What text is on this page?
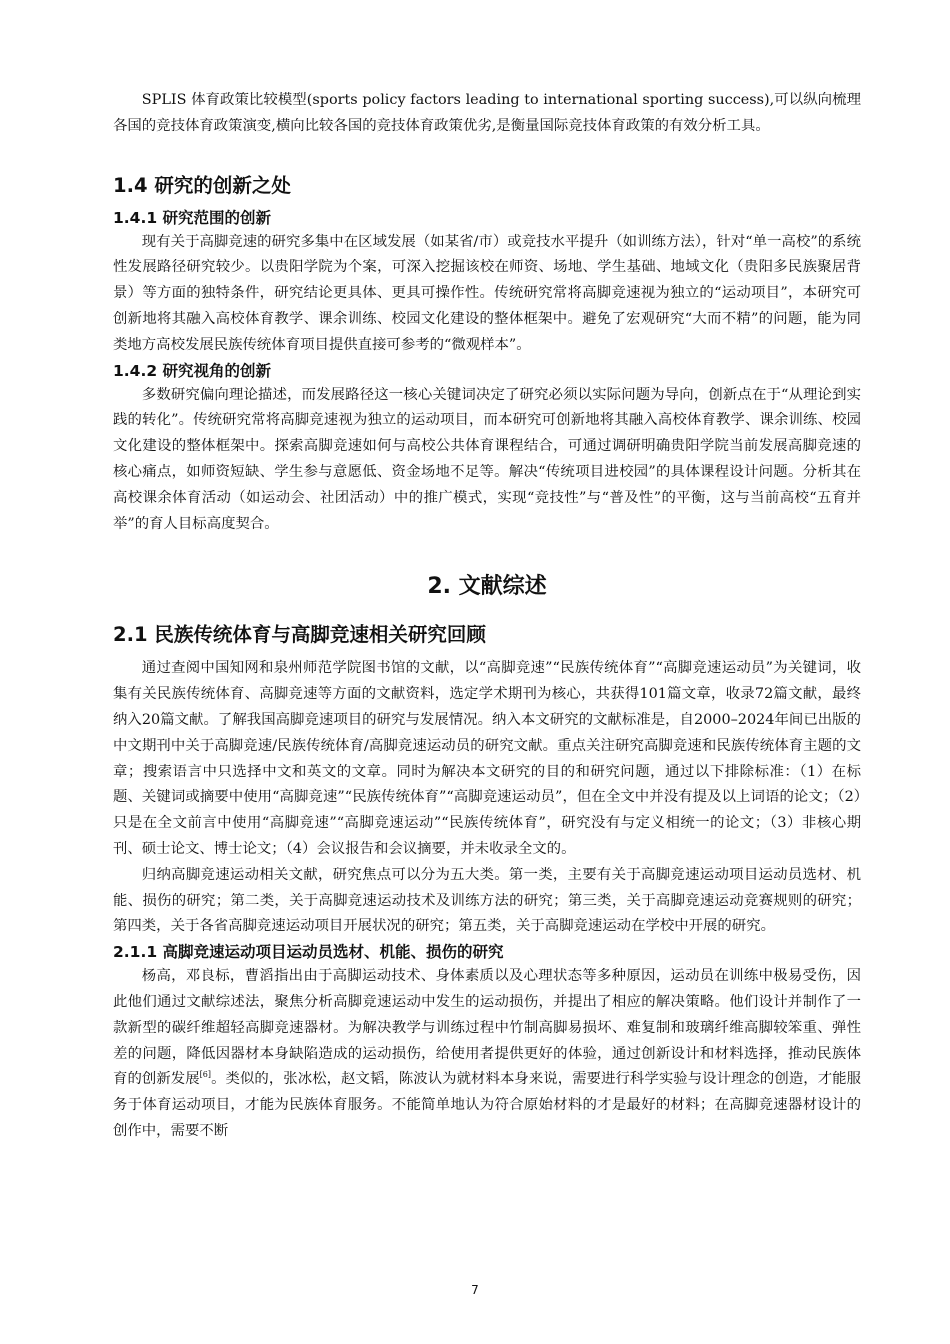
SPLIS 体育政策比较模型(sports policy factors leading to international sporting success),可以纵向梳理各国的竞技体育政策演变,横向比较各国的竞技体育政策优劣,是衡量国际竞技体育政策的有效分析工具。

1.4 研究的创新之处
1.4.1 研究范围的创新

现有关于高脚竞速的研究多集中在区域发展（如某省/市）或竞技水平提升（如训练方法），针对“单一高校”的系统性发展路径研究较少。以贵阳学院为个案，可深入挖掘该校在师资、场地、学生基础、地域文化（贵阳多民族聚居背景）等方面的独特条件，研究结论更具体、更具可操作性。传统研究常将高脚竞速视为独立的“运动项目”，本研究可创新地将其融入高校体育教学、课余训练、校园文化建设的整体框架中。避免了宏观研究“大而不精”的问题，能为同类地方高校发展民族传统体育项目提供直接可参考的“微观样本”。

1.4.2 研究视角的创新

多数研究偏向理论描述，而发展路径这一核心关键词决定了研究必须以实际问题为导向，创新点在于“从理论到实践的转化”。传统研究常将高脚竞速视为独立的运动项目，而本研究可创新地将其融入高校体育教学、课余训练、校园文化建设的整体框架中。探索高脚竞速如何与高校公共体育课程结合，可通过调研明确贵阳学院当前发展高脚竞速的核心痛点，如师资短缺、学生参与意愿低、资金场地不足等。解决“传统项目进校园”的具体课程设计问题。分析其在高校课余体育活动（如运动会、社团活动）中的推广模式，实现“竞技性”与“普及性”的平衡，这与当前高校“五育并举”的育人目标高度契合。

2. 文献综述
2.1 民族传统体育与高脚竞速相关研究回顾

通过查阅中国知网和泉州师范学院图书馆的文献，以“高脚竞速”“民族传统体育”“高脚竞速运动员”为关键词，收集有关民族传统体育、高脚竞速等方面的文献资料，选定学术期刊为核心，共获得101篇文章，收录72篇文献，最终纳入20篇文献。了解我国高脚竞速项目的研究与发展情况。纳入本文研究的文献标准是，自2000–2024年间已出版的中文期刊中关于高脚竞速/民族传统体育/高脚竞速运动员的研究文献。重点关注研究高脚竞速和民族传统体育主题的文章；搜索语言中只选择中文和英文的文章。同时为解决本文研究的目的和研究问题，通过以下排除标准：（1）在标题、关键词或摘要中使用“高脚竞速”“民族传统体育”“高脚竞速运动员”，但在全文中并没有提及以上词语的论文；（2）只是在全文前言中使用“高脚竞速”“高脚竞速运动”“民族传统体育”，研究没有与定义相统一的论文；（3）非核心期刊、硕士论文、博士论文；（4）会议报告和会议摘要，并未收录全文的。

归纳高脚竞速运动相关文献，研究焦点可以分为五大类。第一类，主要有关于高脚竞速运动项目运动员选材、机能、损伤的研究；第二类，关于高脚竞速运动技术及训练方法的研究；第三类，关于高脚竞速运动竞赛规则的研究；第四类，关于各省高脚竞速运动项目开展状况的研究；第五类，关于高脚竞速运动在学校中开展的研究。

2.1.1 高脚竞速运动项目运动员选材、机能、损伤的研究

杨高，邓良标，曹滔指出由于高脚运动技术、身体素质以及心理状态等多种原因，运动员在训练中极易受伤，因此他们通过文献综述法，聚焦分析高脚竞速运动中发生的运动损伤，并提出了相应的解决策略。他们设计并制作了一款新型的碳纤维超轻高脚竞速器材。为解决教学与训练过程中竹制高脚易损坏、难复制和玻璃纤维高脚较笨重、弹性差的问题，降低因器材本身缺陷造成的运动损伤，给使用者提供更好的体验，通过创新设计和材料选择，推动民族体育的创新发展[6]。类似的，张冰松，赵文韬，陈波认为就材料本身来说，需要进行科学实验与设计理念的创造，才能服务于体育运动项目，才能为民族体育服务。不能简单地认为符合原始材料的才是最好的材料；在高脚竞速器材设计的创作中，需要不断

7
